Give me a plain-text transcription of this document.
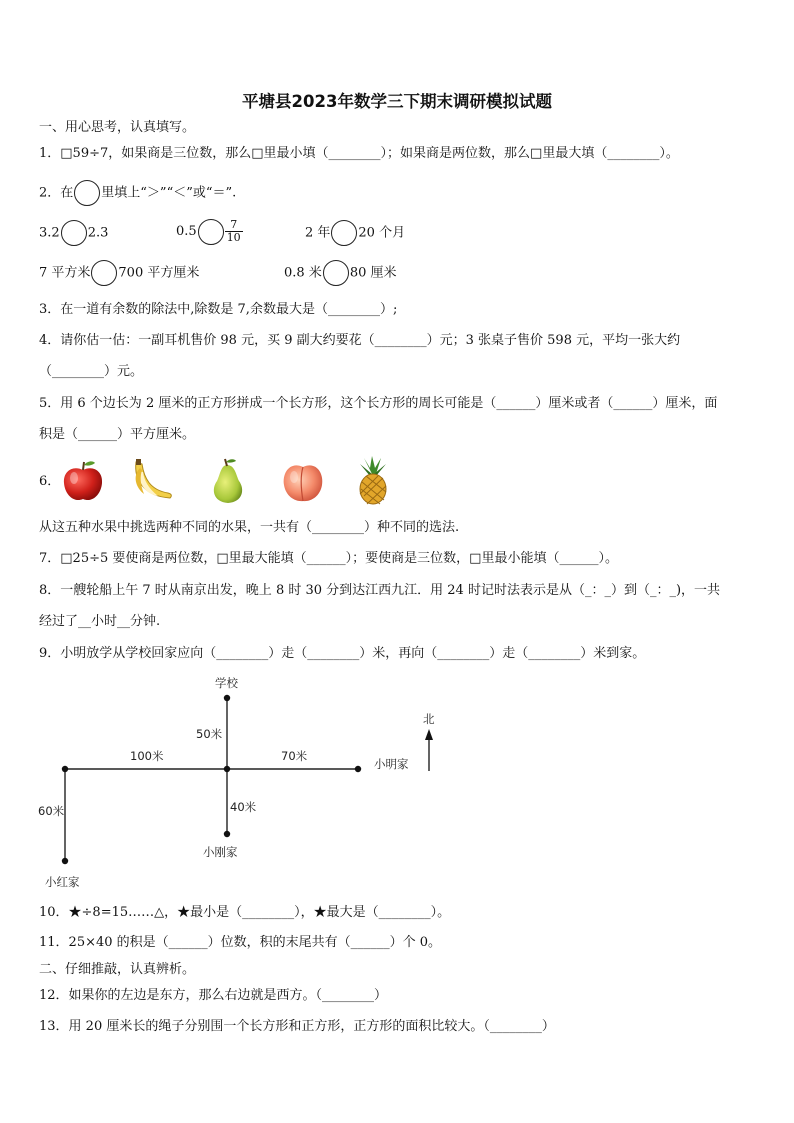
平塘县2023年数学三下期末调研模拟试题
一、用心思考，认真填写。
1．□59÷7，如果商是三位数，那么□里最小填（________）；如果商是两位数，那么□里最大填（________）。
2．在 里填上“＞”“＜”或“＝”.
3.2 2.3	0.5	$\frac{7}{10}$	2 年 20 个月
7 平方米 700 平方厘米	0.8 米 80 厘米
3．在一道有余数的除法中,除数是 7,余数最大是（________）;
4．请你估一估：一副耳机售价 98 元，买 9 副大约要花（________）元；3 张桌子售价 598 元，平均一张大约
（________）元。
5．用 6 个边长为 2 厘米的正方形拼成一个长方形，这个长方形的周长可能是（______）厘米或者（______）厘米，面
积是（______）平方厘米。
6．
从这五种水果中挑选两种不同的水果，一共有（________）种不同的选法.
7．□25÷5 要使商是两位数，□里最大能填（______）；要使商是三位数，□里最小能填（______）。
8．一艘轮船上午 7 时从南京出发，晚上 8 时 30 分到达江西九江．用 24 时记时法表示是从（_：_）到（_：_)，一共
经过了__小时__分钟.
9．小明放学从学校回家应向（________）走（________）米，再向（________）走（________）米到家。
学校
小明家
小刚家
小红家
100米
50米
70米
40米
60米
北
10．★÷8=15……△，★最小是（________），★最大是（________）。
11．25×40 的积是（______）位数，积的末尾共有（______）个 0。
二、仔细推敲，认真辨析。
12．如果你的左边是东方，那么右边就是西方。（________）
13．用 20 厘米长的绳子分别围一个长方形和正方形，正方形的面积比较大。（________）
